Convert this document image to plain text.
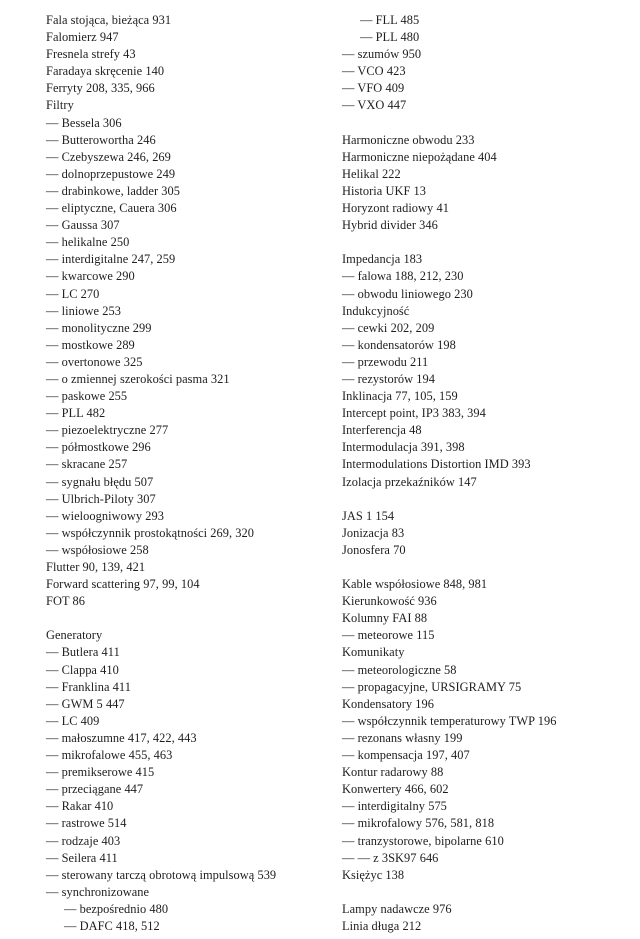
Fala stojąca, bieżąca 931
Falomierz 947
Fresnela strefy 43
Faradaya skręcenie 140
Ferryty 208, 335, 966
Filtry
— Bessela 306
— Butterowortha 246
— Czebyszewa 246, 269
— dolnoprzepustowe 249
— drabinkowe, ladder 305
— eliptyczne, Cauera 306
— Gaussa 307
— helikalne 250
— interdigitalne 247, 259
— kwarcowe 290
— LC 270
— liniowe 253
— monolityczne 299
— mostkowe 289
— overtonowe 325
— o zmiennej szerokości pasma 321
— paskowe 255
— PLL 482
— piezoelektryczne 277
— półmostkowe 296
— skracane 257
— sygnału błędu 507
— Ulbrich-Piloty 307
— wieloogniwowy 293
— współczynnik prostokątności 269, 320
— współosiowe 258
Flutter 90, 139, 421
Forward scattering 97, 99, 104
FOT 86
Generatory
— Butlera 411
— Clappa 410
— Franklina 411
— GWM 5 447
— LC 409
— małoszumne 417, 422, 443
— mikrofalowe 455, 463
— premikserowe 415
— przeciągane 447
— Rakar 410
— rastrowe 514
— rodzaje 403
— Seilera 411
— sterowany tarczą obrotową impulsową 539
— synchronizowane
— bezpośrednio 480
— DAFC 418, 512
— FLL 485
— PLL 480
— szumów 950
— VCO 423
— VFO 409
— VXO 447
Harmoniczne obwodu 233
Harmoniczne niepożądane 404
Helikal 222
Historia UKF 13
Horyzont radiowy 41
Hybrid divider 346
Impedancja 183
— falowa 188, 212, 230
— obwodu liniowego 230
Indukcyjność
— cewki 202, 209
— kondensatorów 198
— przewodu 211
— rezystorów 194
Inklinacja 77, 105, 159
Intercept point, IP3 383, 394
Interferencja 48
Intermodulacja 391, 398
Intermodulations Distortion IMD 393
Izolacja przekaźników 147
JAS 1 154
Jonizacja 83
Jonosfera 70
Kable współosiowe 848, 981
Kierunkowość 936
Kolumny FAI 88
— meteorowe 115
Komunikaty
— meteorologiczne 58
— propagacyjne, URSIGRAMY 75
Kondensatory 196
— współczynnik temperaturowy TWP 196
— rezonans własny 199
— kompensacja 197, 407
Kontur radarowy 88
Konwertery 466, 602
— interdigitalny 575
— mikrofalowy 576, 581, 818
— tranzystorowe, bipolarne 610
— — z 3SK97 646
Księżyc 138
Lampy nadawcze 976
Linia długa 212
